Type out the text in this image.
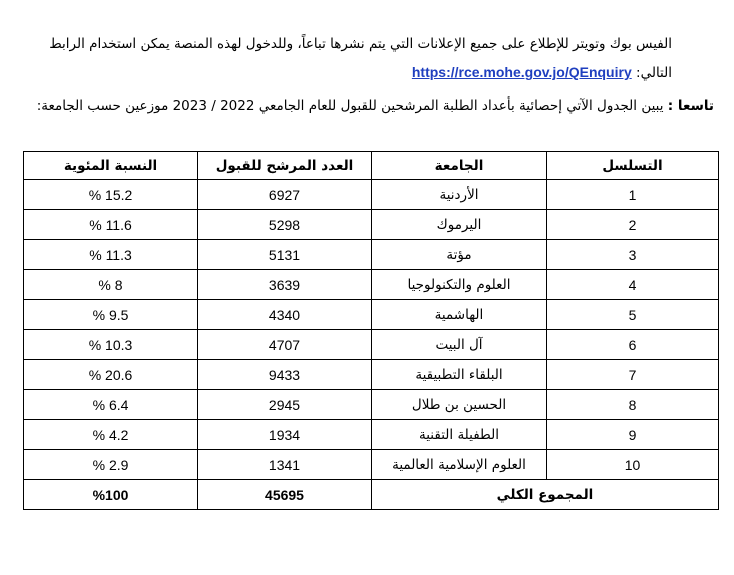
الفيس بوك وتويتر للإطلاع على جميع الإعلانات التي يتم نشرها تباعاً، وللدخول لهذه المنصة يمكن استخدام الرابط التالي: https://rce.mohe.gov.jo/QEnquiry
تاسعا : يبين الجدول الآتي إحصائية بأعداد الطلبة المرشحين للقبول للعام الجامعي 2022 / 2023 موزعين حسب الجامعة:
التسلسل	الجامعة	العدد المرشح للقبول	النسبة المئوية
1	الأردنية	6927	15.2 %
2	اليرموك	5298	11.6 %
3	مؤتة	5131	11.3 %
4	العلوم والتكنولوجيا	3639	8 %
5	الهاشمية	4340	9.5 %
6	آل البيت	4707	10.3 %
7	البلقاء التطبيقية	9433	20.6 %
8	الحسين بن طلال	2945	6.4 %
9	الطفيلة التقنية	1934	4.2 %
10	العلوم الإسلامية العالمية	1341	2.9 %
المجموع الكلي		45695	%100
